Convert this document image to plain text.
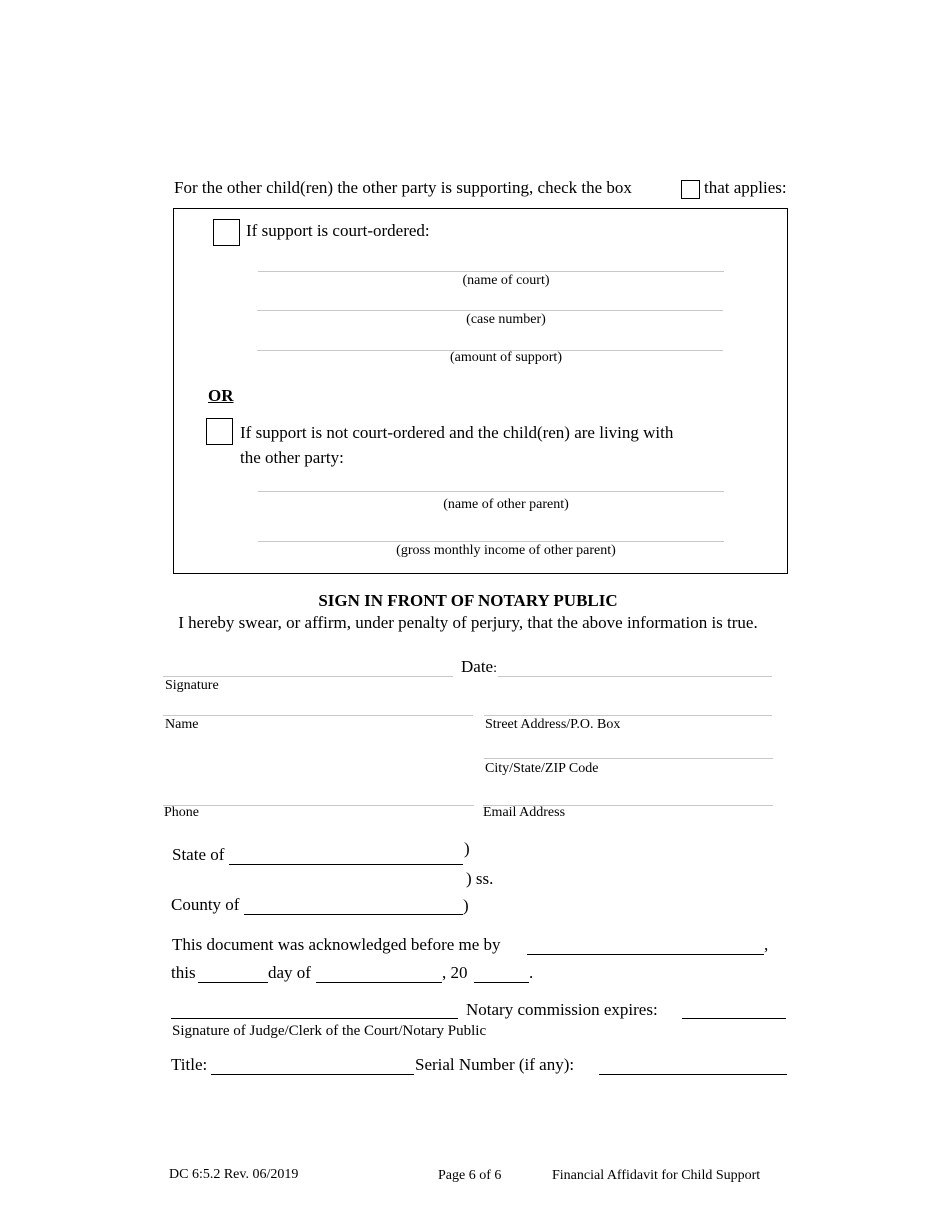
For the other child(ren) the other party is supporting, check the box	that applies:
If support is court-ordered:
(name of court)
(case number)
(amount of support)
OR
If support is not court-ordered and the child(ren) are living with
the other party:
(name of other parent)
(gross monthly income of other parent)
SIGN IN FRONT OF NOTARY PUBLIC
I hereby swear, or affirm, under penalty of perjury, that the above information is true.
Date:
Signature
Name	Street Address/P.O. Box
City/State/ZIP Code
Phone	Email Address
State of	)
) ss.
County of	)
This document was acknowledged before me by	,
this	day of	, 20	.
Notary commission expires:
Signature of Judge/Clerk of the Court/Notary Public
Title:	Serial Number (if any):
DC 6:5.2 Rev. 06/2019	Page 6 of 6	Financial Affidavit for Child Support
